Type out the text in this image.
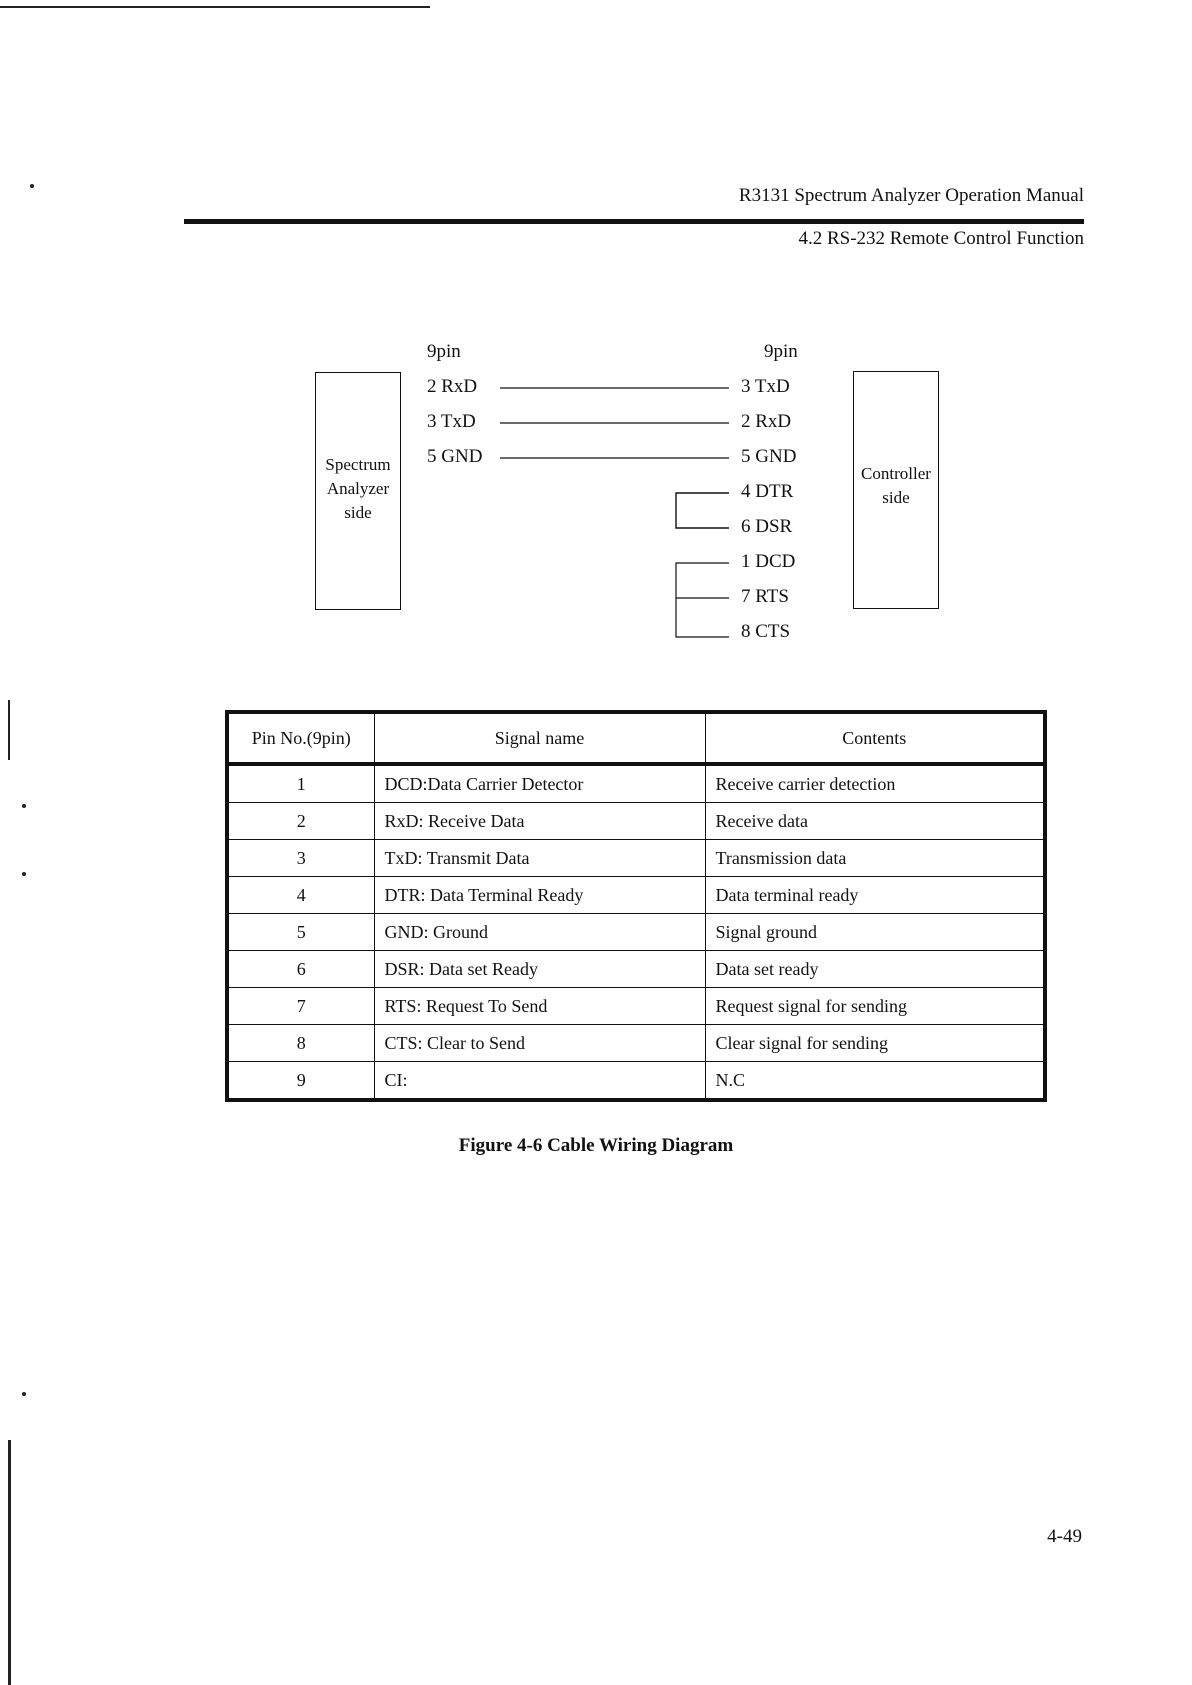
R3131 Spectrum Analyzer Operation Manual
4.2 RS-232 Remote Control Function
9pin	9pin
Spectrum
Analyzer
side
Controller
side
2 RxD
3 TxD
5 GND
3 TxD
2 RxD
5 GND
4 DTR
6 DSR
1 DCD
7 RTS
8 CTS
Pin No.(9pin)	Signal name	Contents
1	DCD:Data Carrier Detector	Receive carrier detection
2	RxD: Receive Data	Receive data
3	TxD: Transmit Data	Transmission data
4	DTR: Data Terminal Ready	Data terminal ready
5	GND: Ground	Signal ground
6	DSR: Data set Ready	Data set ready
7	RTS: Request To Send	Request signal for sending
8	CTS: Clear to Send	Clear signal for sending
9	CI:	N.C
Figure 4-6 Cable Wiring Diagram
4-49
